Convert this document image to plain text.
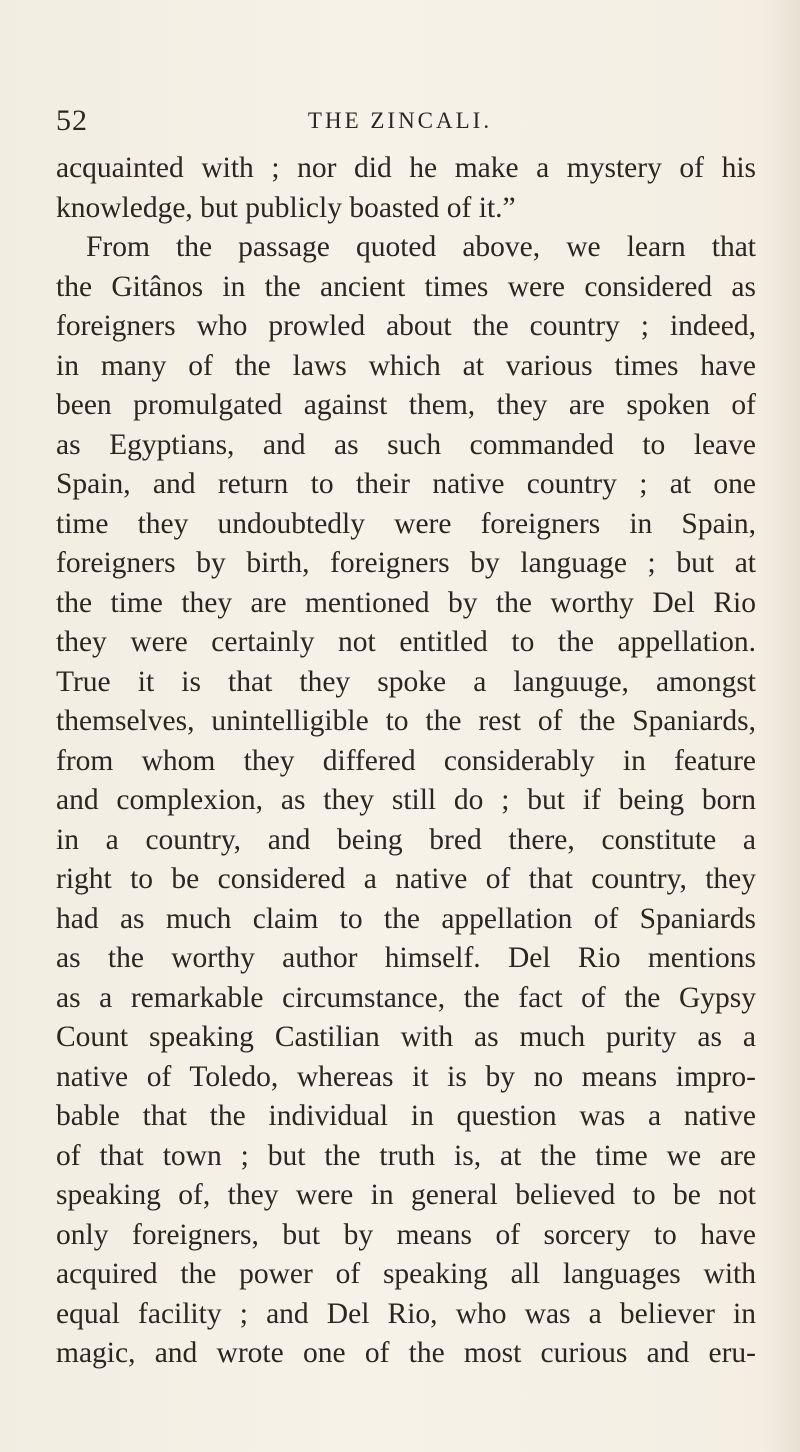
52	THE ZINCALI.
acquainted with ; nor did he make a mystery of his
knowledge, but publicly boasted of it.”
From the passage quoted above, we learn that
the Gitânos in the ancient times were considered as
foreigners who prowled about the country ; indeed,
in many of the laws which at various times have
been promulgated against them, they are spoken of
as Egyptians, and as such commanded to leave
Spain, and return to their native country ; at one
time they undoubtedly were foreigners in Spain,
foreigners by birth, foreigners by language ; but at
the time they are mentioned by the worthy Del Rio
they were certainly not entitled to the appellation.
True it is that they spoke a languuge, amongst
themselves, unintelligible to the rest of the Spaniards,
from whom they differed considerably in feature
and complexion, as they still do ; but if being born
in a country, and being bred there, constitute a
right to be considered a native of that country, they
had as much claim to the appellation of Spaniards
as the worthy author himself. Del Rio mentions
as a remarkable circumstance, the fact of the Gypsy
Count speaking Castilian with as much purity as a
native of Toledo, whereas it is by no means impro-
bable that the individual in question was a native
of that town ; but the truth is, at the time we are
speaking of, they were in general believed to be not
only foreigners, but by means of sorcery to have
acquired the power of speaking all languages with
equal facility ; and Del Rio, who was a believer in
magic, and wrote one of the most curious and eru-
